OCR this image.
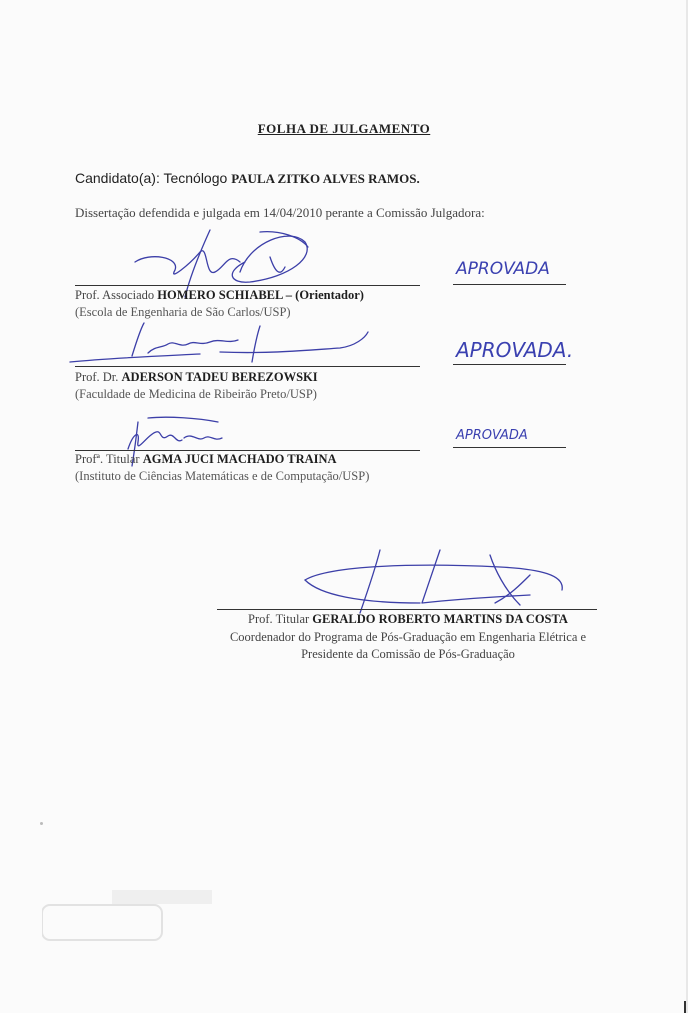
FOLHA DE JULGAMENTO
Candidato(a): Tecnólogo PAULA ZITKO ALVES RAMOS.
Dissertação defendida e julgada em 14/04/2010 perante a Comissão Julgadora:
APROVADA
Prof. Associado HOMERO SCHIABEL – (Orientador)
(Escola de Engenharia de São Carlos/USP)
APROVADA.
Prof. Dr. ADERSON TADEU BEREZOWSKI
(Faculdade de Medicina de Ribeirão Preto/USP)
APROVADA
Profª. Titular AGMA JUCI MACHADO TRAINA
(Instituto de Ciências Matemáticas e de Computação/USP)
Prof. Titular GERALDO ROBERTO MARTINS DA COSTA
Coordenador do Programa de Pós-Graduação em Engenharia Elétrica e
Presidente da Comissão de Pós-Graduação
